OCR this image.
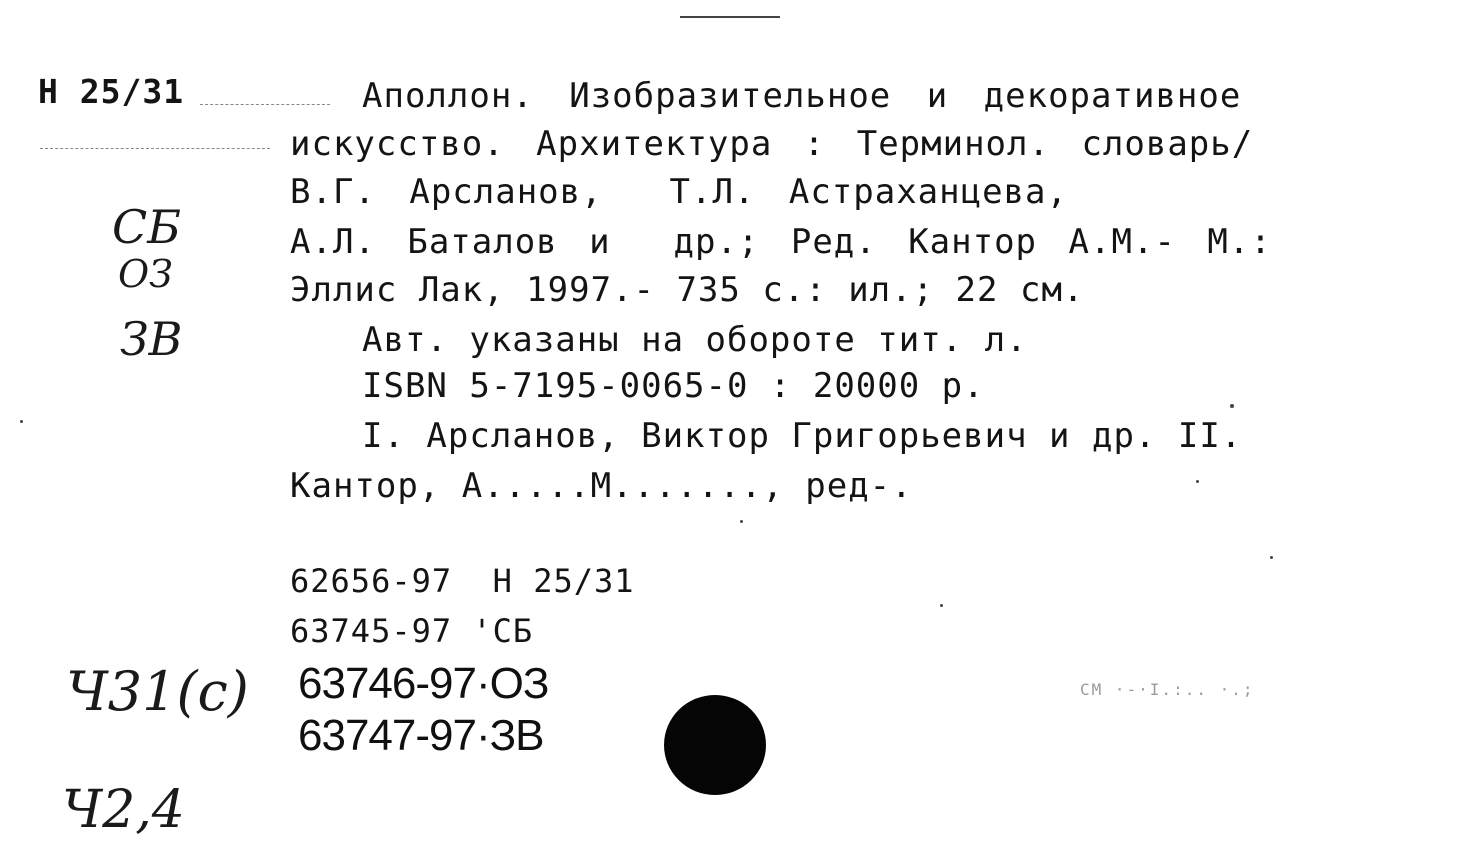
Н 25/31	Аполлон. Изобразительное и декоративное
искусство. Архитектура : Терминол. словарь/
В.Г. Арсланов,  Т.Л. Астраханцева,
А.Л. Баталов и  др.; Ред. Кантор А.М.- М.:
Эллис Лак, 1997.- 735 с.: ил.; 22 см.
Авт. указаны на обороте тит. л.
ISBN 5-7195-0065-0 : 20000 р.
I. Арсланов, Виктор Григорьевич и др. II.
Кантор, А.....М......., ред-.
62656-97  Н 25/31
63745-97 'СБ
63746-97·ОЗ
63747-97·ЗВ
СБ
ОЗ
ЗВ
Ч31(с)
Ч2,4
СМ ·-·I.:.. ·.;
